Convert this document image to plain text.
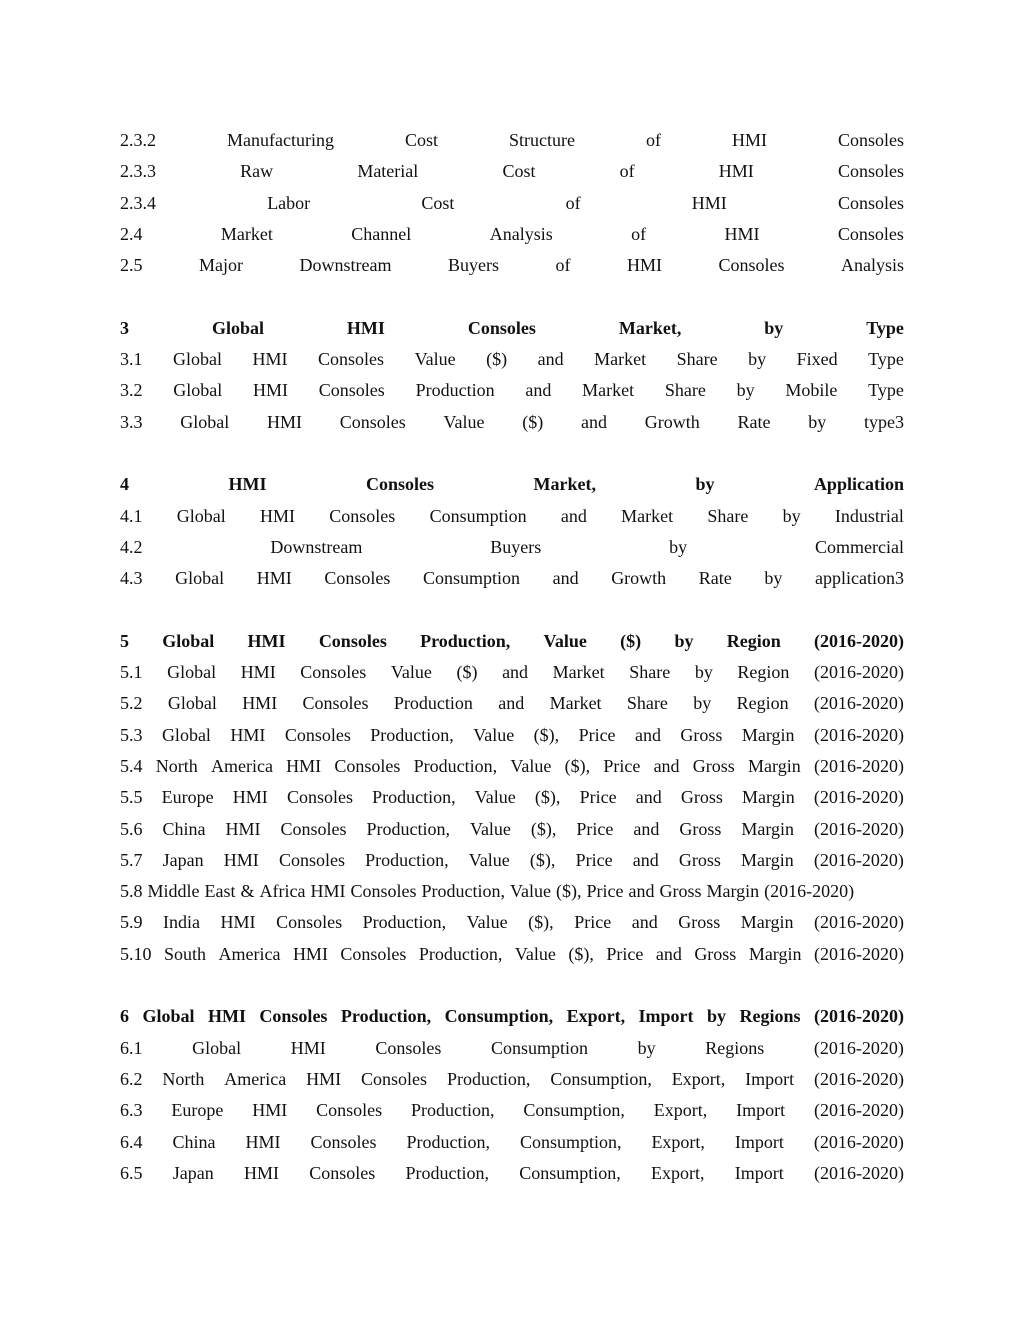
2.3.2	Manufacturing	Cost	Structure	of	HMI	Consoles
2.3.3	Raw	Material	Cost	of	HMI	Consoles
2.3.4	Labor	Cost	of	HMI	Consoles
2.4	Market	Channel	Analysis	of	HMI	Consoles
2.5	Major	Downstream	Buyers	of	HMI	Consoles	Analysis
3	Global	HMI	Consoles	Market,	by	Type
3.1 Global HMI Consoles Value ($) and Market Share by Fixed Type
3.2 Global HMI Consoles Production and Market Share by Mobile Type
3.3 Global HMI Consoles Value ($) and Growth Rate by type3
4	HMI	Consoles	Market,	by	Application
4.1 Global HMI Consoles Consumption and Market Share by Industrial
4.2	Downstream	Buyers	by	Commercial
4.3 Global HMI Consoles Consumption and Growth Rate by application3
5 Global HMI Consoles Production, Value ($) by Region (2016-2020)
5.1 Global HMI Consoles Value ($) and Market Share by Region (2016-2020)
5.2 Global HMI Consoles Production and Market Share by Region (2016-2020)
5.3 Global HMI Consoles Production, Value ($), Price and Gross Margin (2016-2020)
5.4 North America HMI Consoles Production, Value ($), Price and Gross Margin (2016-2020)
5.5 Europe HMI Consoles Production, Value ($), Price and Gross Margin (2016-2020)
5.6 China HMI Consoles Production, Value ($), Price and Gross Margin (2016-2020)
5.7 Japan HMI Consoles Production, Value ($), Price and Gross Margin (2016-2020)
5.8 Middle East & Africa HMI Consoles Production, Value ($), Price and Gross Margin (2016-2020)
5.9 India HMI Consoles Production, Value ($), Price and Gross Margin (2016-2020)
5.10 South America HMI Consoles Production, Value ($), Price and Gross Margin (2016-2020)
6 Global HMI Consoles Production, Consumption, Export, Import by Regions (2016-2020)
6.1	Global	HMI	Consoles	Consumption	by	Regions	(2016-2020)
6.2 North America HMI Consoles Production, Consumption, Export, Import (2016-2020)
6.3 Europe HMI Consoles Production, Consumption, Export, Import (2016-2020)
6.4 China HMI Consoles Production, Consumption, Export, Import (2016-2020)
6.5 Japan HMI Consoles Production, Consumption, Export, Import (2016-2020)
